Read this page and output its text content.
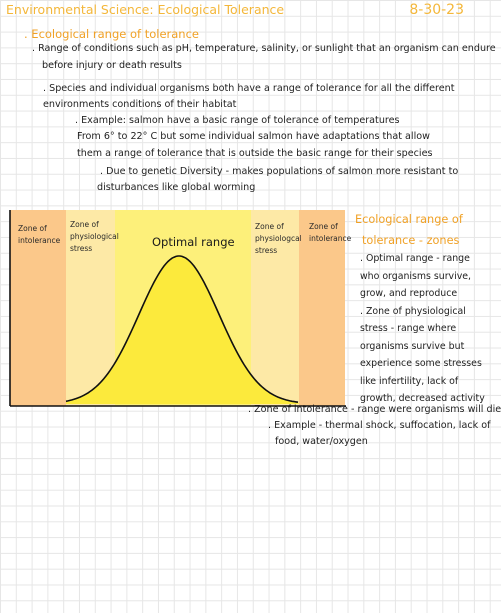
Environmental Science: Ecological Tolerance	8-30-23
. Ecological range of tolerance
. Range of conditions such as pH, temperature, salinity, or sunlight that an organism can endure
before injury or death results
. Species and individual organisms both have a range of tolerance for all the different
environments conditions of their habitat
. Example: salmon have a basic range of tolerance of temperatures
From 6° to 22° C but some individual salmon have adaptations that allow
them a range of tolerance that is outside the basic range for their species
. Due to genetic Diversity - makes populations of salmon more resistant to
disturbances like global worming
Zone of
intolerance
Zone of
physiological
stress	Optimal range
Zone of
physiologcal
stress
Zone of
intolerance
Ecological range of
tolerance - zones
. Optimal range - range
who organisms survive,
grow, and reproduce
. Zone of physiological
stress - range where
organisms survive but
experience some stresses
like infertility, lack of
growth, decreased activity
. Zone of intolerance - range were organisms will die
. Example - thermal shock, suffocation, lack of
food, water/oxygen
